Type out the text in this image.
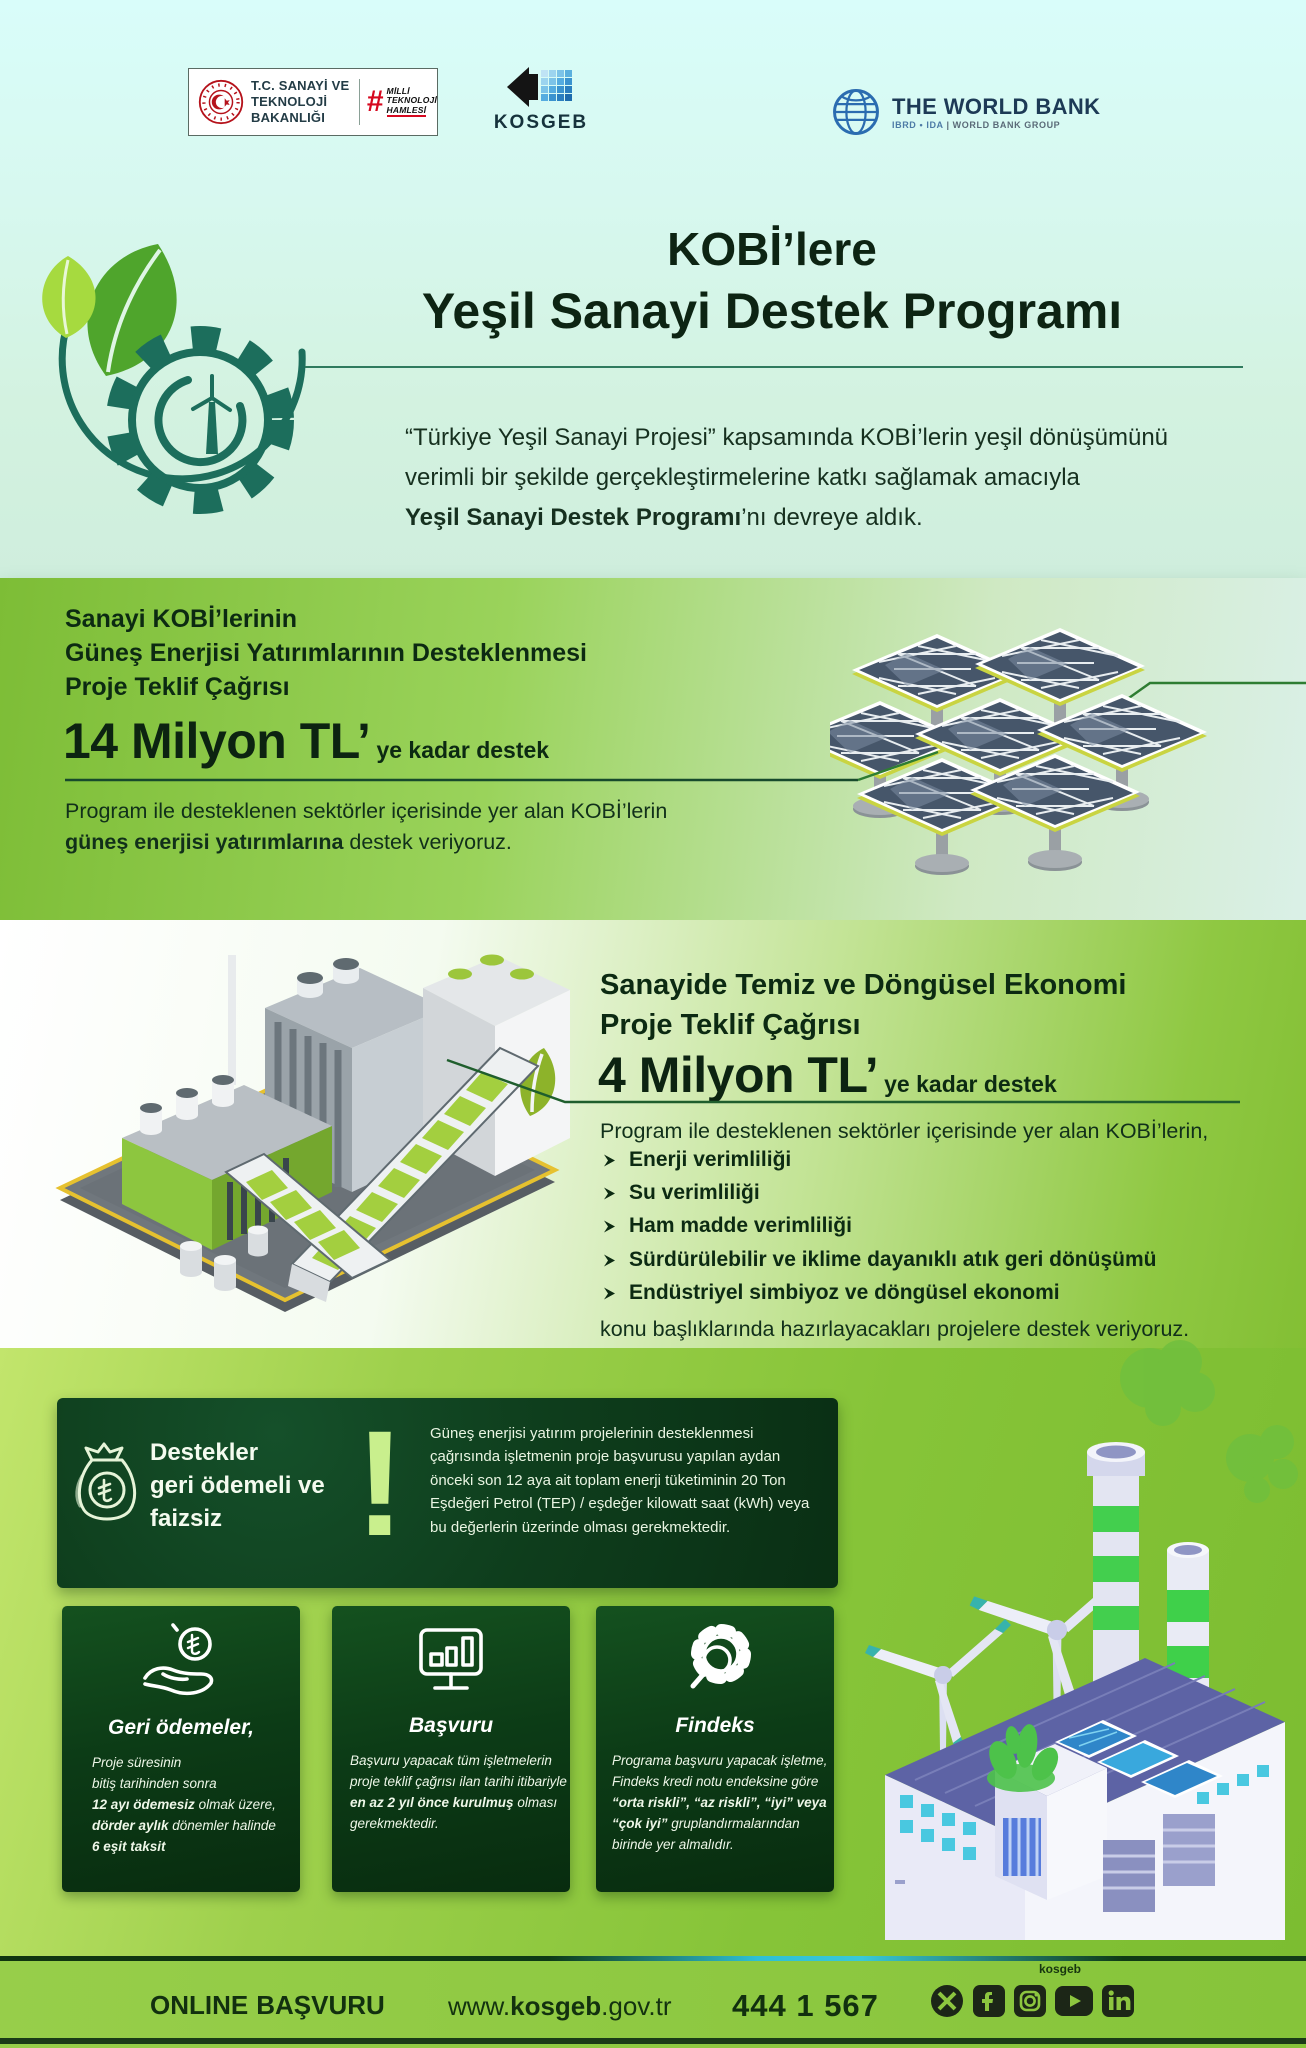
T.C. SANAYİ VE
TEKNOLOJİ BAKANLIĞI	# MİLLİ
TEKNOLOJİ
HAMLESİ
KOSGEB
THE WORLD BANK
IBRD • IDA | WORLD BANK GROUP
KOBİ’lere
Yeşil Sanayi Destek Programı
“Türkiye Yeşil Sanayi Projesi” kapsamında KOBİ’lerin yeşil dönüşümünü
verimli bir şekilde gerçekleştirmelerine katkı sağlamak amacıyla
Yeşil Sanayi Destek Programı’nı devreye aldık.
Sanayi KOBİ’lerinin
Güneş Enerjisi Yatırımlarının Desteklenmesi
Proje Teklif Çağrısı
14 Milyon TL’ ye kadar destek
Program ile desteklenen sektörler içerisinde yer alan KOBİ’lerin
güneş enerjisi yatırımlarına destek veriyoruz.
Sanayide Temiz ve Döngüsel Ekonomi
Proje Teklif Çağrısı
4 Milyon TL’ ye kadar destek
Program ile desteklenen sektörler içerisinde yer alan KOBİ’lerin,
Enerji verimliliği
Su verimliliği
Ham madde verimliliği
Sürdürülebilir ve iklime dayanıklı atık geri dönüşümü
Endüstriyel simbiyoz ve döngüsel ekonomi
konu başlıklarında hazırlayacakları projelere destek veriyoruz.
Destekler
geri ödemeli ve
faizsiz !	Güneş enerjisi yatırım projelerinin desteklenmesi çağrısında işletmenin proje başvurusu yapılan aydan önceki son 12 aya ait toplam enerji tüketiminin 20 Ton Eşdeğeri Petrol (TEP) / eşdeğer kilowatt saat (kWh) veya bu değerlerin üzerinde olması gerekmektedir.
Geri ödemeler,
Proje süresinin
bitiş tarihinden sonra
12 ayı ödemesiz olmak üzere,
dörder aylık dönemler halinde
6 eşit taksit
Başvuru
Başvuru yapacak tüm işletmelerin
proje teklif çağrısı ilan tarihi itibariyle
en az 2 yıl önce kurulmuş olması
gerekmektedir.
Findeks
Programa başvuru yapacak işletme,
Findeks kredi notu endeksine göre
“orta riskli”, “az riskli”, “iyi” veya
“çok iyi” gruplandırmalarından
birinde yer almalıdır.
ONLINE BAŞVURU www.kosgeb.gov.tr 444 1 567
kosgeb
